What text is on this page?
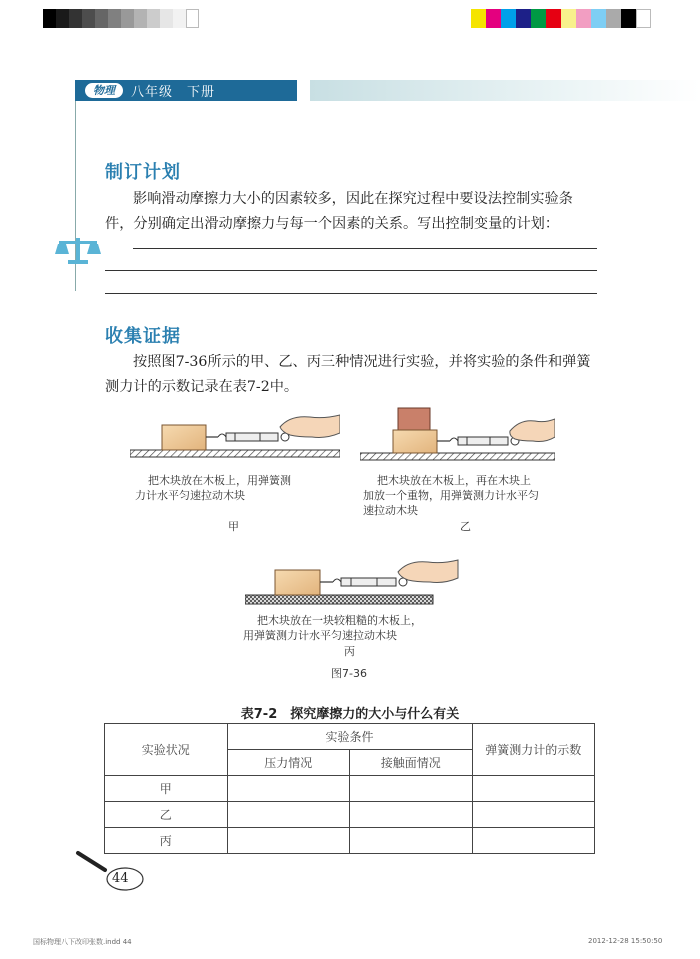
物理	八年级　下册
制订计划
影响滑动摩擦力大小的因素较多，因此在探究过程中要设法控制实验条件，分别确定出滑动摩擦力与每一个因素的关系。写出控制变量的计划：
收集证据
按照图7-36所示的甲、乙、丙三种情况进行实验，并将实验的条件和弹簧测力计的示数记录在表7-2中。
把木块放在木板上，用弹簧测
力计水平匀速拉动木块
甲
把木块放在木板上，再在木块上
加放一个重物，用弹簧测力计水平匀
速拉动木块
乙
把木块放在一块较粗糙的木板上，
用弹簧测力计水平匀速拉动木块
丙
图7-36
表7-2　探究摩擦力的大小与什么有关
实验状况	实验条件		弹簧测力计的示数
	压力情况	接触面情况	
甲			
乙			
丙			
44
国标物理八下改印张数.indd 44	2012-12-28 15:50:50
